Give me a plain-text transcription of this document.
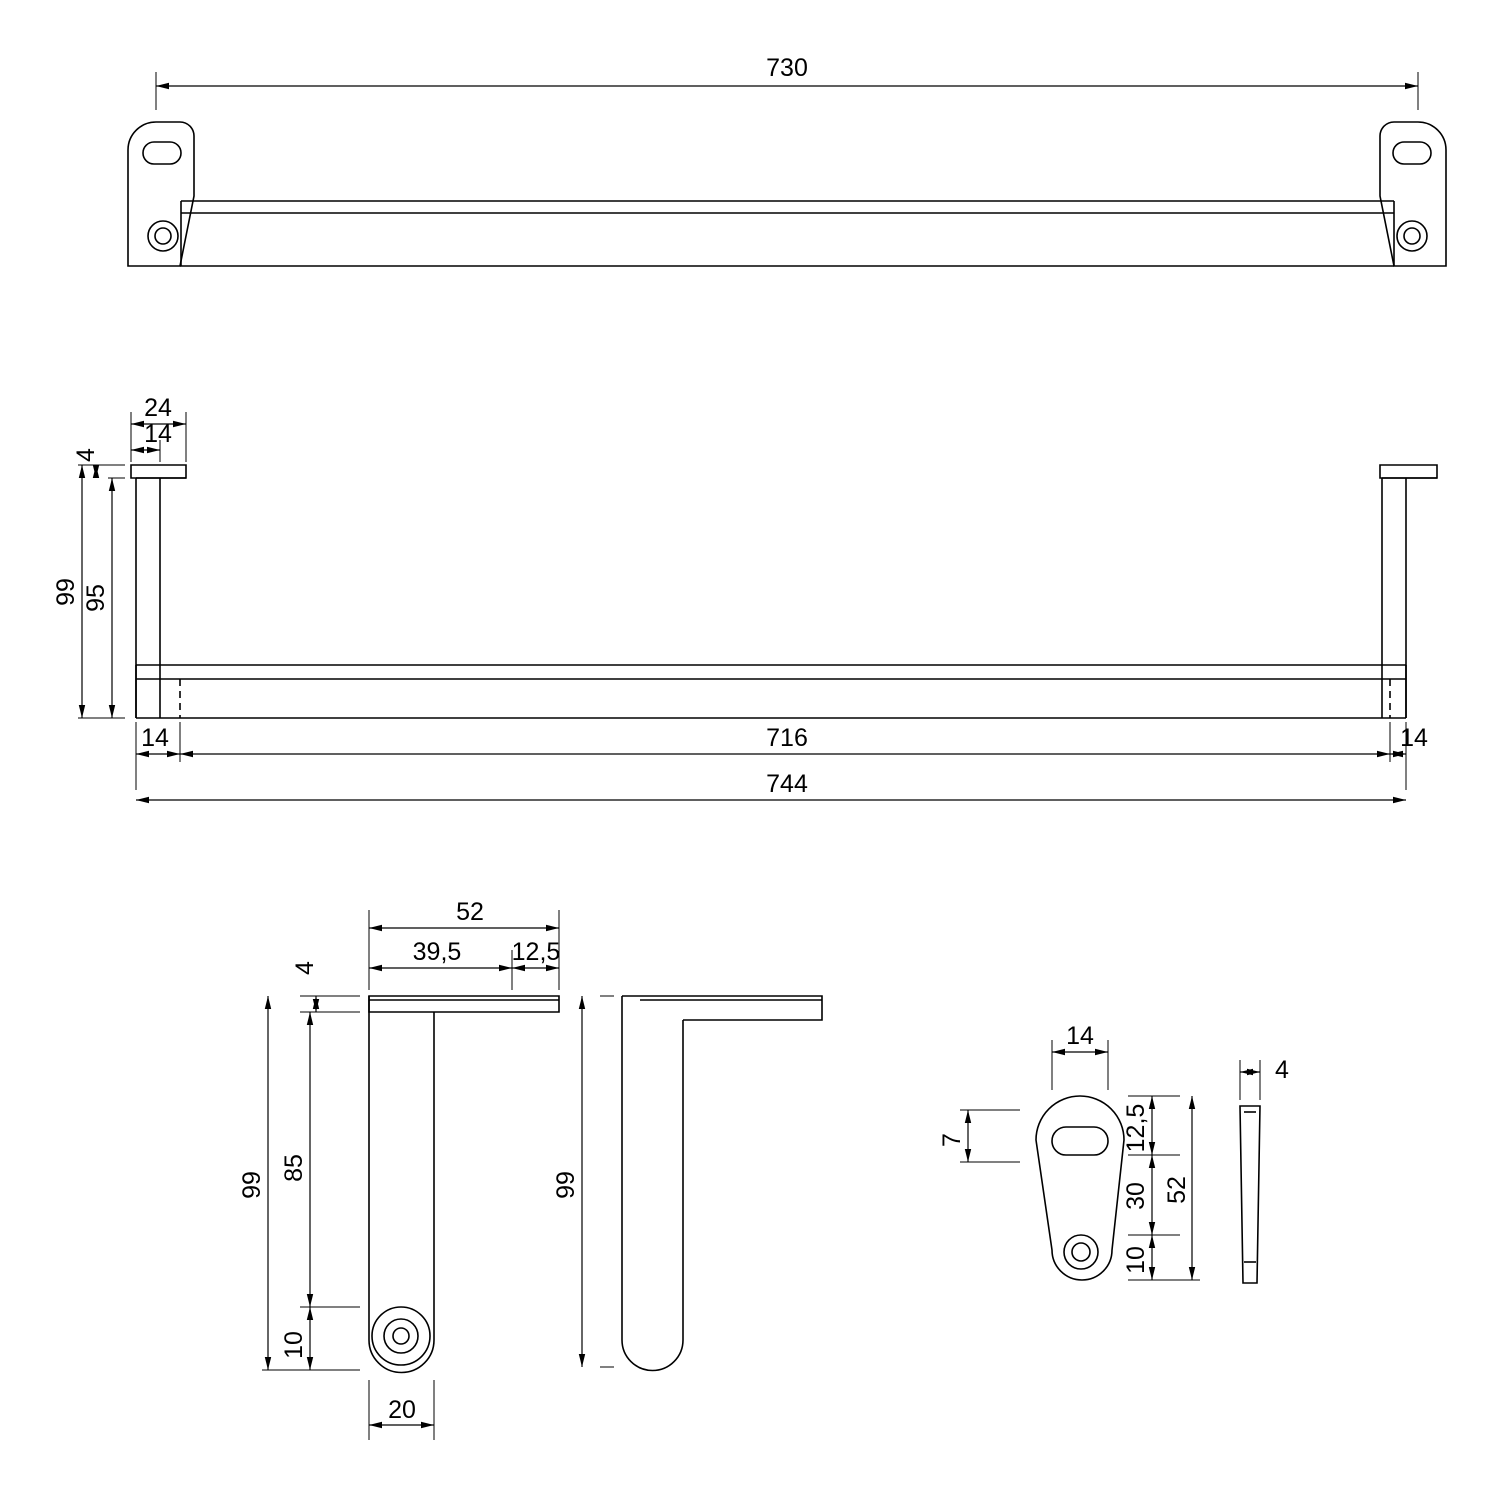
730
24
14
4
99 95
14	716	14
744
52
39,5 12,5
4
99
85
10
20
99
14
7	12,5
30
10
52
4
